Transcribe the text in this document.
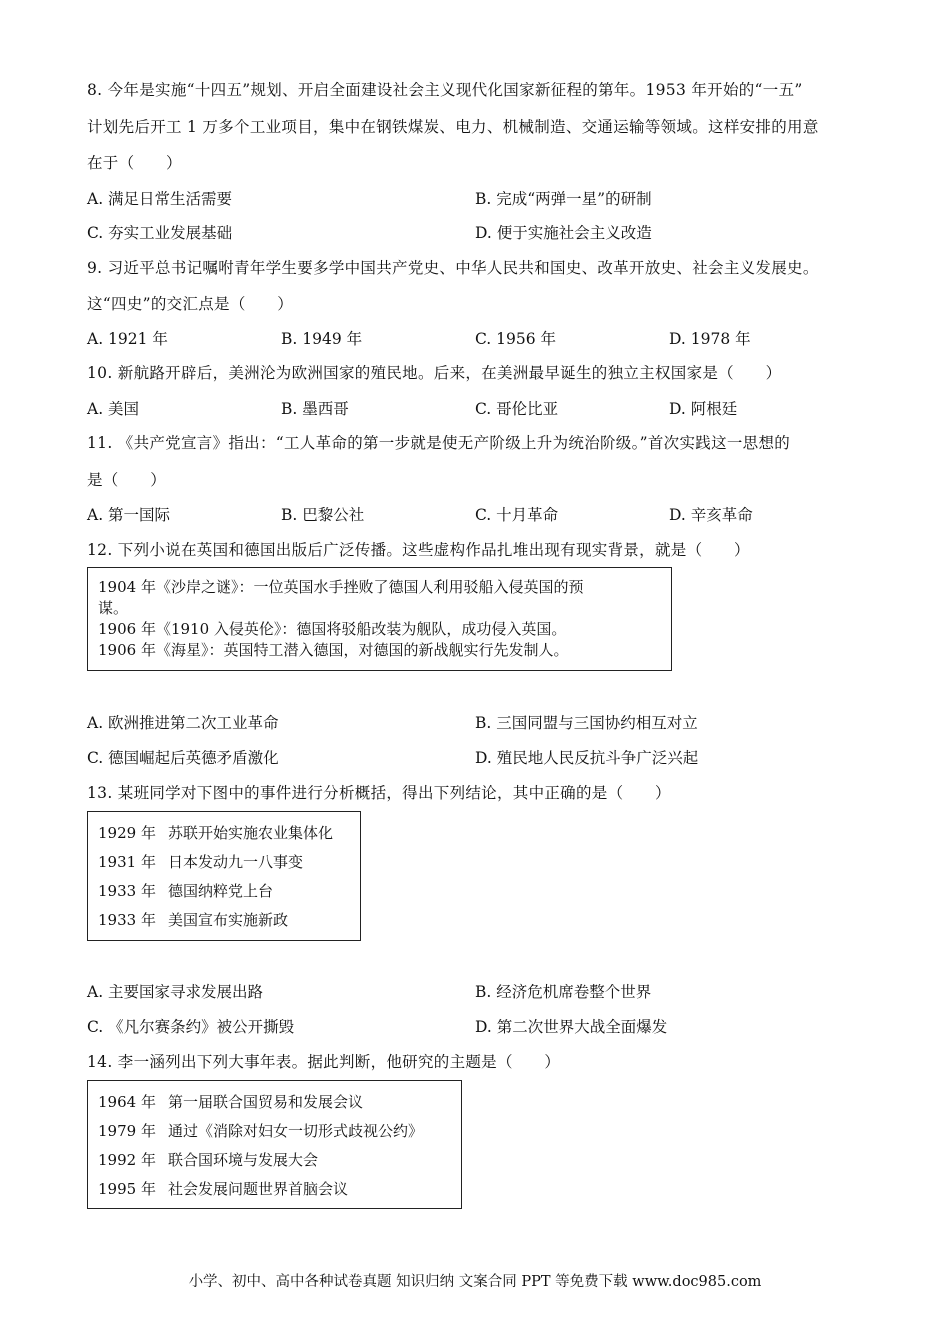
8. 今年是实施“十四五”规划、开启全面建设社会主义现代化国家新征程的第年。1953 年开始的“一五”
计划先后开工 1 万多个工业项目，集中在钢铁煤炭、电力、机械制造、交通运输等领域。这样安排的用意
在于（　　）
A. 满足日常生活需要	B. 完成“两弹一星”的研制
C. 夯实工业发展基础	D. 便于实施社会主义改造
9. 习近平总书记嘱咐青年学生要多学中国共产党史、中华人民共和国史、改革开放史、社会主义发展史。
这“四史”的交汇点是（　　）
A. 1921 年	B. 1949 年	C. 1956 年	D. 1978 年
10. 新航路开辟后，美洲沦为欧洲国家的殖民地。后来，在美洲最早诞生的独立主权国家是（　　）
A. 美国	B. 墨西哥	C. 哥伦比亚	D. 阿根廷
11. 《共产党宣言》指出：“工人革命的第一步就是使无产阶级上升为统治阶级。”首次实践这一思想的
是（　　）
A. 第一国际	B. 巴黎公社	C. 十月革命	D. 辛亥革命
12. 下列小说在英国和德国出版后广泛传播。这些虚构作品扎堆出现有现实背景，就是（　　）
1904 年《沙岸之谜》：一位英国水手挫败了德国人利用驳船入侵英国的预
谋。
1906 年《1910 入侵英伦》：德国将驳船改装为舰队，成功侵入英国。
1906 年《海星》：英国特工潜入德国，对德国的新战舰实行先发制人。
A. 欧洲推进第二次工业革命	B. 三国同盟与三国协约相互对立
C. 德国崛起后英德矛盾激化	D. 殖民地人民反抗斗争广泛兴起
13. 某班同学对下图中的事件进行分析概括，得出下列结论，其中正确的是（　　）
1929 年 苏联开始实施农业集体化
1931 年 日本发动九一八事变
1933 年 德国纳粹党上台
1933 年 美国宣布实施新政
A. 主要国家寻求发展出路	B. 经济危机席卷整个世界
C. 《凡尔赛条约》被公开撕毁	D. 第二次世界大战全面爆发
14. 李一涵列出下列大事年表。据此判断，他研究的主题是（　　）
1964 年 第一届联合国贸易和发展会议
1979 年 通过《消除对妇女一切形式歧视公约》
1992 年 联合国环境与发展大会
1995 年 社会发展问题世界首脑会议
小学、初中、高中各种试卷真题 知识归纳 文案合同 PPT 等免费下载 www.doc985.com
